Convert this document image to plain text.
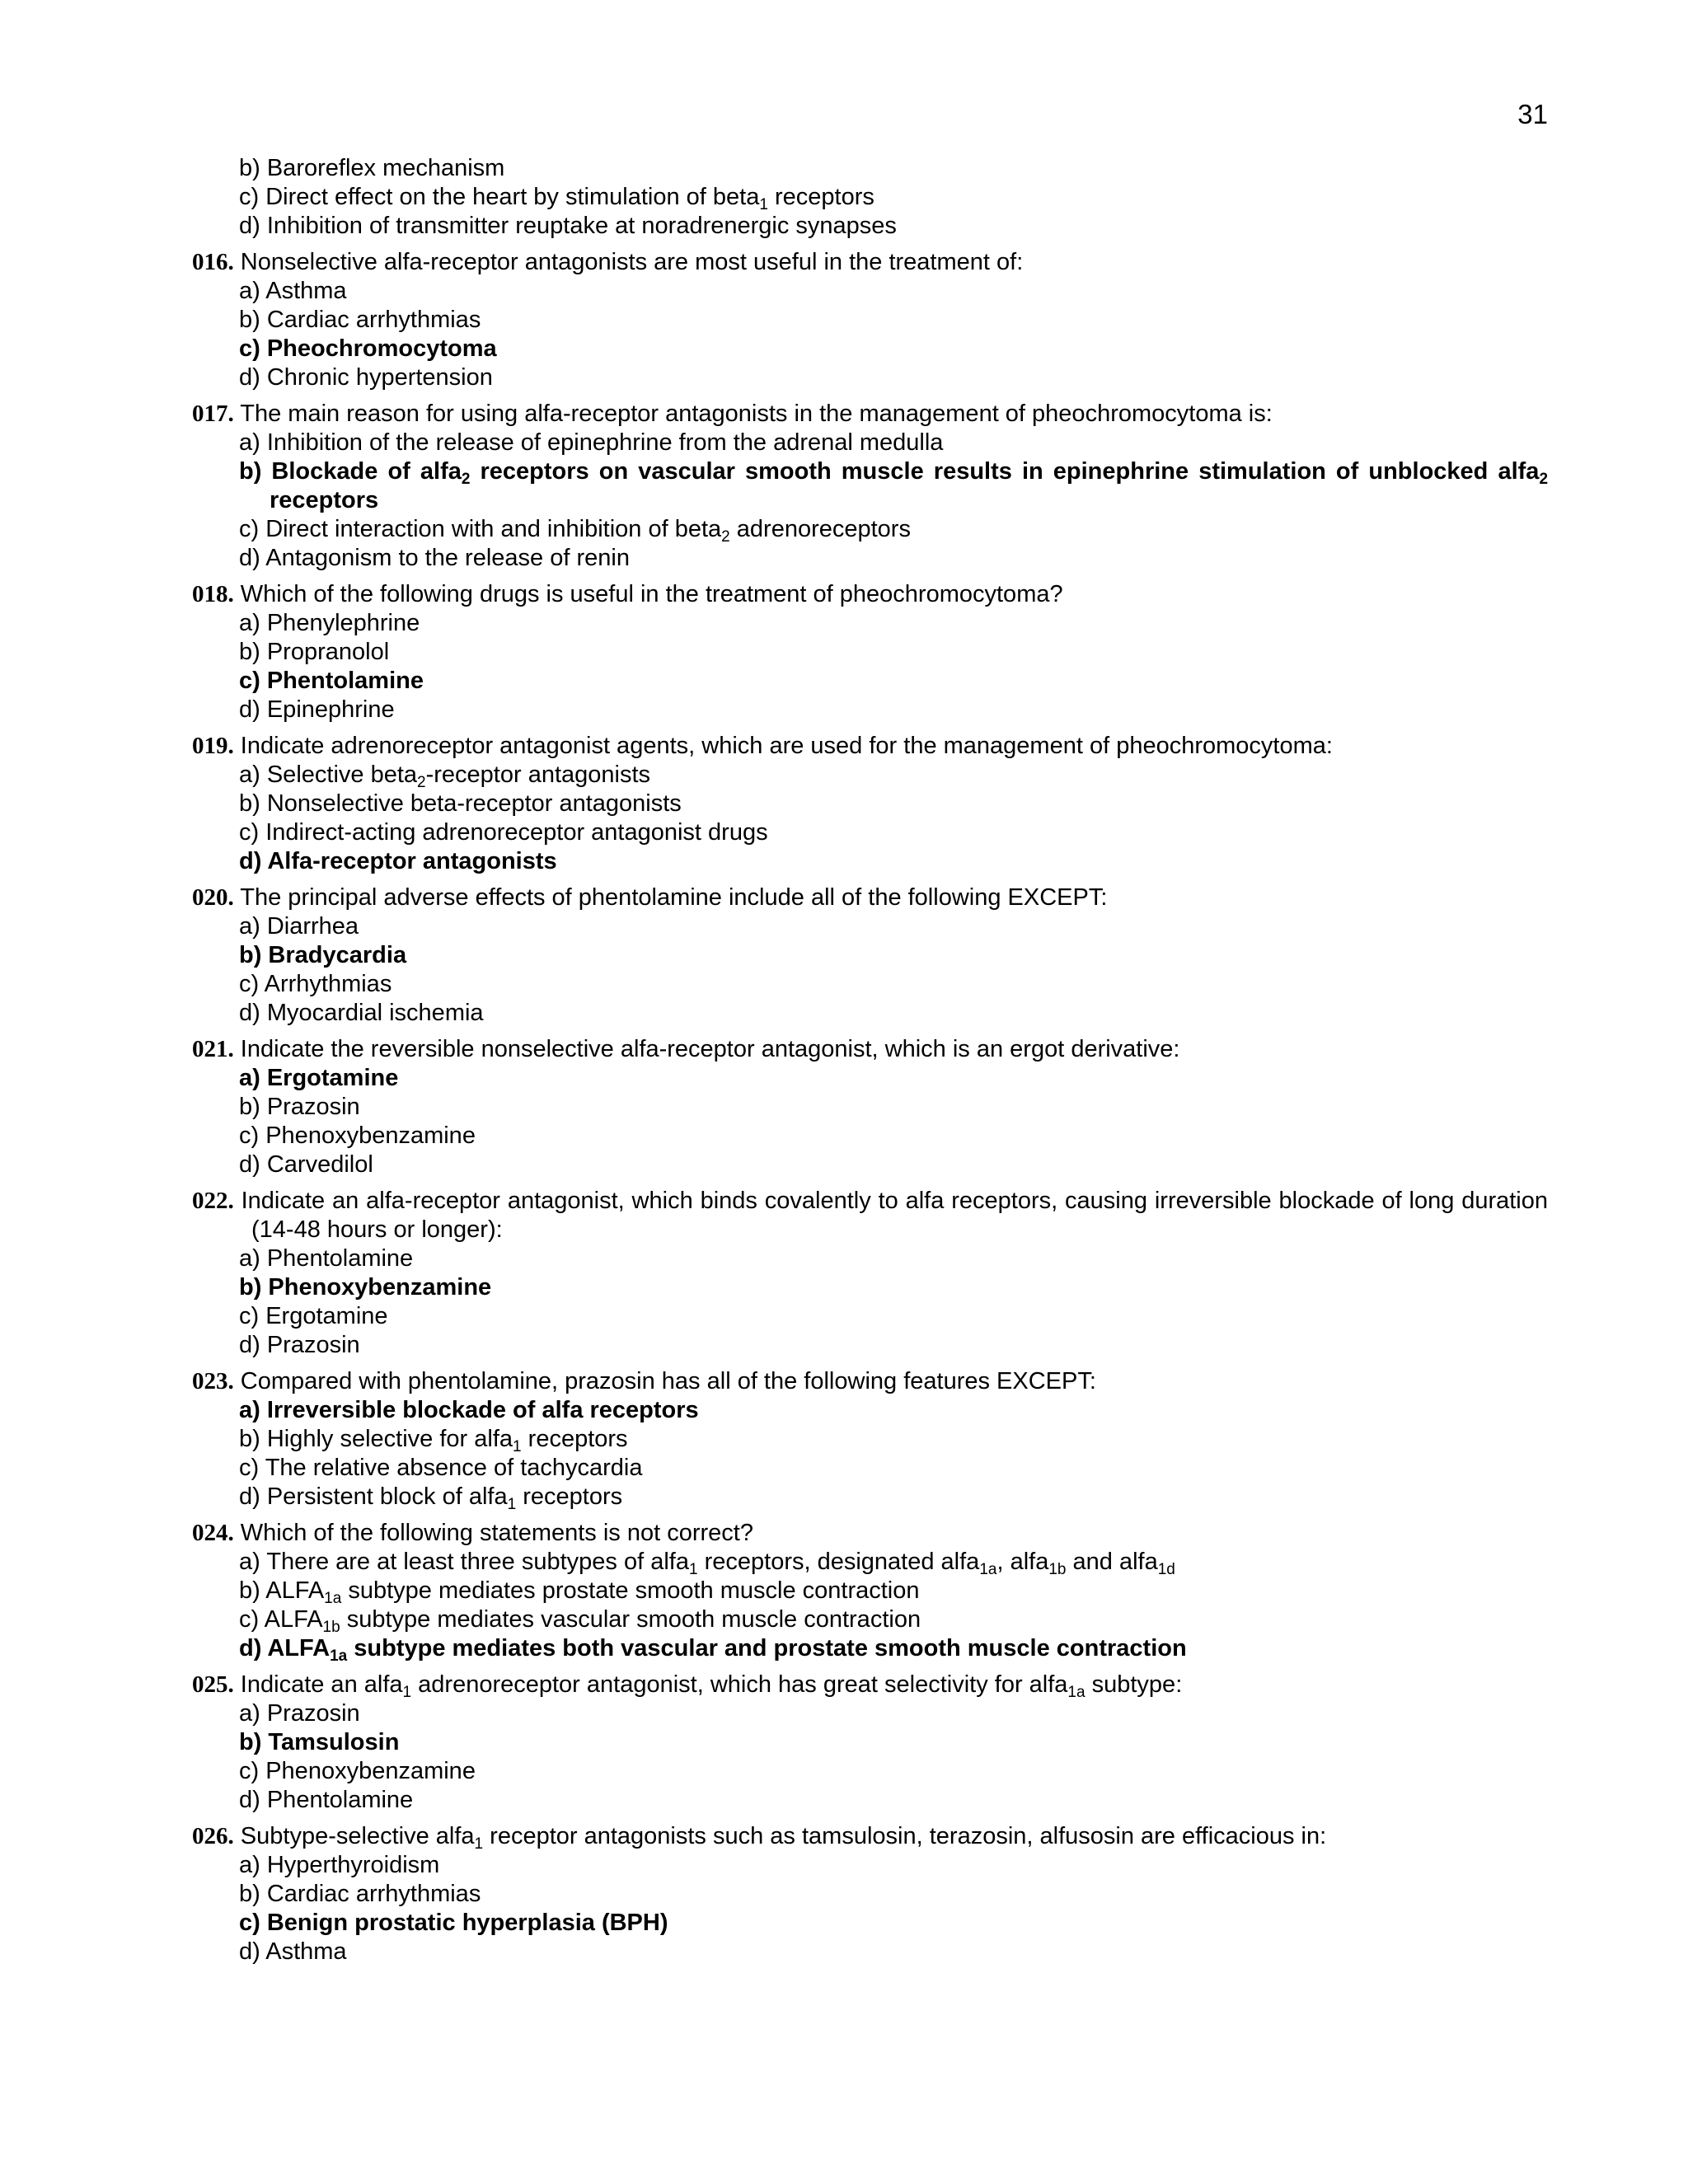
31
b) Baroreflex mechanism
c) Direct effect on the heart by stimulation of beta$_1$ receptors
d) Inhibition of transmitter reuptake at noradrenergic synapses
016. Nonselective alfa-receptor antagonists are most useful in the treatment of:
a) Asthma
b) Cardiac arrhythmias
c) Pheochromocytoma
d) Chronic hypertension
017. The main reason for using alfa-receptor antagonists in the management of pheochromocytoma is:
a) Inhibition of the release of epinephrine from the adrenal medulla
b) Blockade of alfa$_2$ receptors on vascular smooth muscle results in epinephrine stimulation of unblocked alfa$_2$ receptors
c) Direct interaction with and inhibition of beta$_2$ adrenoreceptors
d) Antagonism to the release of renin
018. Which of the following drugs is useful in the treatment of pheochromocytoma?
a) Phenylephrine
b) Propranolol
c) Phentolamine
d) Epinephrine
019. Indicate adrenoreceptor antagonist agents, which are used for the management of pheochromocytoma:
a) Selective beta$_2$-receptor antagonists
b) Nonselective beta-receptor antagonists
c) Indirect-acting adrenoreceptor antagonist drugs
d) Alfa-receptor antagonists
020. The principal adverse effects of phentolamine include all of the following EXCEPT:
a) Diarrhea
b) Bradycardia
c) Arrhythmias
d) Myocardial ischemia
021. Indicate the reversible nonselective alfa-receptor antagonist, which is an ergot derivative:
a) Ergotamine
b) Prazosin
c) Phenoxybenzamine
d) Carvedilol
022. Indicate an alfa-receptor antagonist, which binds covalently to alfa receptors, causing irreversible blockade of long duration (14-48 hours or longer):
a) Phentolamine
b) Phenoxybenzamine
c) Ergotamine
d) Prazosin
023. Compared with phentolamine, prazosin has all of the following features EXCEPT:
a) Irreversible blockade of alfa receptors
b) Highly selective for alfa$_1$ receptors
c) The relative absence of tachycardia
d) Persistent block of alfa$_1$ receptors
024. Which of the following statements is not correct?
a) There are at least three subtypes of alfa$_1$ receptors, designated alfa$_{1a}$, alfa$_{1b}$ and alfa$_{1d}$
b) $ALFA_{1a}$ subtype mediates prostate smooth muscle contraction
c) $ALFA_{1b}$ subtype mediates vascular smooth muscle contraction
d) $ALFA_{1a}$ subtype mediates both vascular and prostate smooth muscle contraction
025. Indicate an alfa$_1$ adrenoreceptor antagonist, which has great selectivity for alfa$_{1a}$ subtype:
a) Prazosin
b) Tamsulosin
c) Phenoxybenzamine
d) Phentolamine
026. Subtype-selective alfa$_1$ receptor antagonists such as tamsulosin, terazosin, alfusosin are efficacious in:
a) Hyperthyroidism
b) Cardiac arrhythmias
c) Benign prostatic hyperplasia (BPH)
d) Asthma
